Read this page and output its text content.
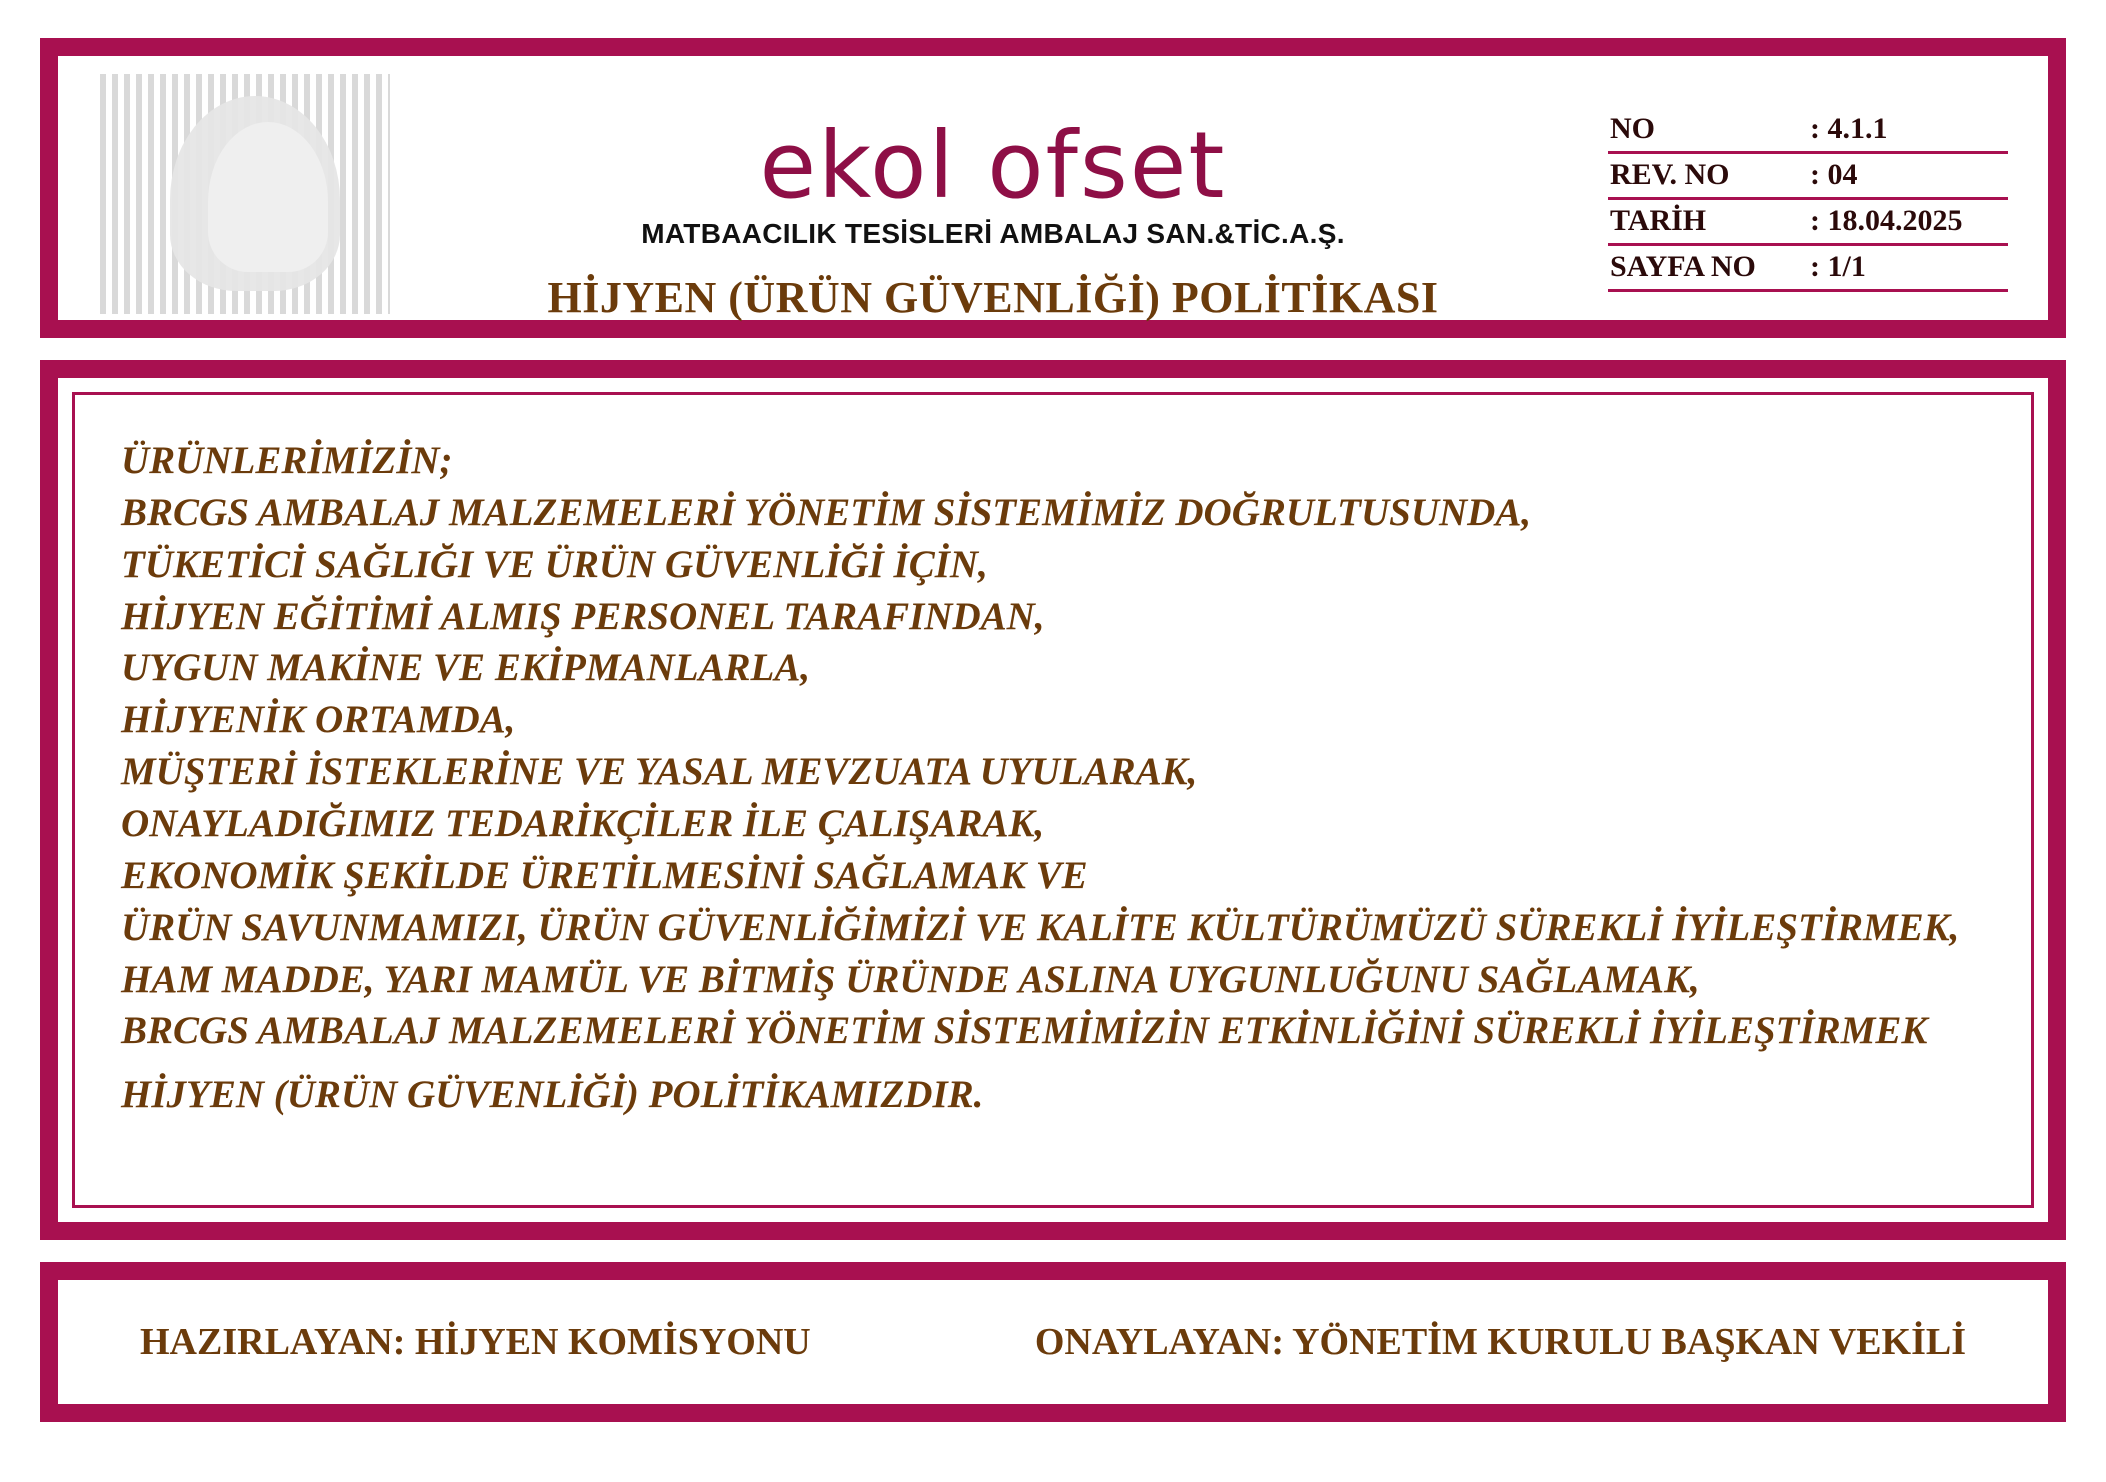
ekol ofset
MATBAACILIK TESİSLERİ AMBALAJ SAN.&TİC.A.Ş.
HİJYEN (ÜRÜN GÜVENLİĞİ) POLİTİKASI
NO	: 4.1.1
REV. NO	: 04
TARİH	: 18.04.2025
SAYFA NO	: 1/1
ÜRÜNLERİMİZİN;
BRCGS AMBALAJ MALZEMELERİ YÖNETİM SİSTEMİMİZ DOĞRULTUSUNDA,
TÜKETİCİ SAĞLIĞI VE ÜRÜN GÜVENLİĞİ İÇİN,
HİJYEN EĞİTİMİ ALMIŞ PERSONEL TARAFINDAN,
UYGUN MAKİNE VE EKİPMANLARLA,
HİJYENİK ORTAMDA,
MÜŞTERİ İSTEKLERİNE VE YASAL MEVZUATA UYULARAK,
ONAYLADIĞIMIZ TEDARİKÇİLER İLE ÇALIŞARAK,
EKONOMİK ŞEKİLDE ÜRETİLMESİNİ SAĞLAMAK VE
ÜRÜN SAVUNMAMIZI, ÜRÜN GÜVENLİĞİMİZİ VE KALİTE KÜLTÜRÜMÜZÜ SÜREKLİ İYİLEŞTİRMEK,
HAM MADDE, YARI MAMÜL VE BİTMİŞ ÜRÜNDE ASLINA UYGUNLUĞUNU SAĞLAMAK,
BRCGS AMBALAJ MALZEMELERİ YÖNETİM SİSTEMİMİZİN ETKİNLİĞİNİ SÜREKLİ İYİLEŞTİRMEK
HİJYEN (ÜRÜN GÜVENLİĞİ) POLİTİKAMIZDIR.
HAZIRLAYAN: HİJYEN KOMİSYONU	ONAYLAYAN: YÖNETİM KURULU BAŞKAN VEKİLİ
